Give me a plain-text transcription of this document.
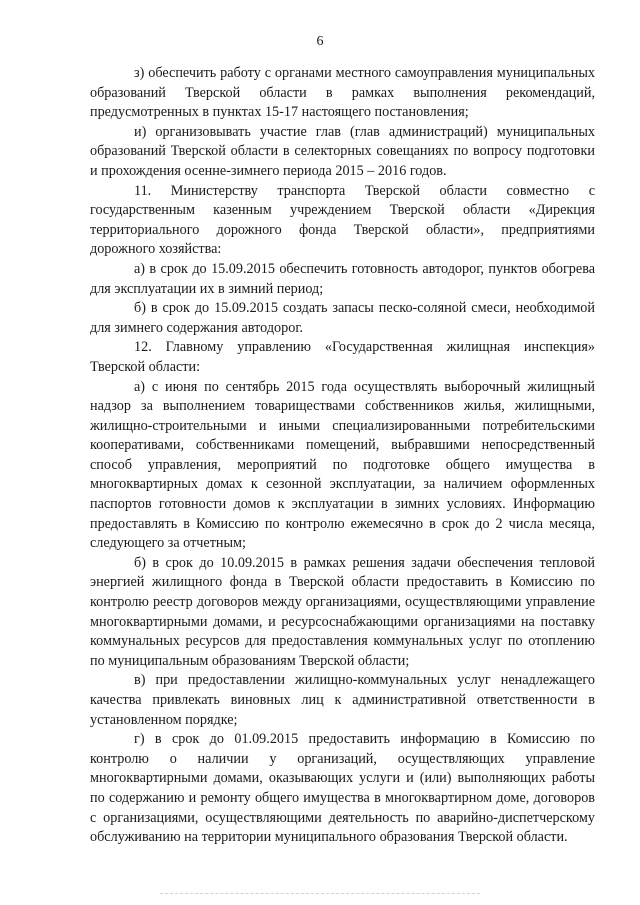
6

з) обеспечить работу с органами местного самоуправления муниципальных образований Тверской области в рамках выполнения рекомендаций, предусмотренных в пунктах 15-17 настоящего постановления;

и) организовывать участие глав (глав администраций) муниципальных образований Тверской области в селекторных совещаниях по вопросу подготовки и прохождения осенне-зимнего периода 2015 – 2016 годов.

11. Министерству транспорта Тверской области совместно с государственным казенным учреждением Тверской области «Дирекция территориального дорожного фонда Тверской области», предприятиями дорожного хозяйства:

а) в срок до 15.09.2015 обеспечить готовность автодорог, пунктов обогрева для эксплуатации их в зимний период;

б) в срок до 15.09.2015 создать запасы песко-соляной смеси, необходимой для зимнего содержания автодорог.

12. Главному управлению «Государственная жилищная инспекция» Тверской области:

а) с июня по сентябрь 2015 года осуществлять выборочный жилищный надзор за выполнением товариществами собственников жилья, жилищными, жилищно-строительными и иными специализированными потребительскими кооперативами, собственниками помещений, выбравшими непосредственный способ управления, мероприятий по подготовке общего имущества в многоквартирных домах к сезонной эксплуатации, за наличием оформленных паспортов готовности домов к эксплуатации в зимних условиях. Информацию предоставлять в Комиссию по контролю ежемесячно в срок до 2 числа месяца, следующего за отчетным;

б) в срок до 10.09.2015 в рамках решения задачи обеспечения тепловой энергией жилищного фонда в Тверской области предоставить в Комиссию по контролю реестр договоров между организациями, осуществляющими управление многоквартирными домами, и ресурсоснабжающими организациями на поставку коммунальных ресурсов для предоставления коммунальных услуг по отоплению по муниципальным образованиям Тверской области;

в) при предоставлении жилищно-коммунальных услуг ненадлежащего качества привлекать виновных лиц к административной ответственности в установленном порядке;

г) в срок до 01.09.2015 предоставить информацию в Комиссию по контролю о наличии у организаций, осуществляющих управление многоквартирными домами, оказывающих услуги и (или) выполняющих работы по содержанию и ремонту общего имущества в многоквартирном доме, договоров с организациями, осуществляющими деятельность по аварийно-диспетчерскому обслуживанию на территории муниципального образования Тверской области.
